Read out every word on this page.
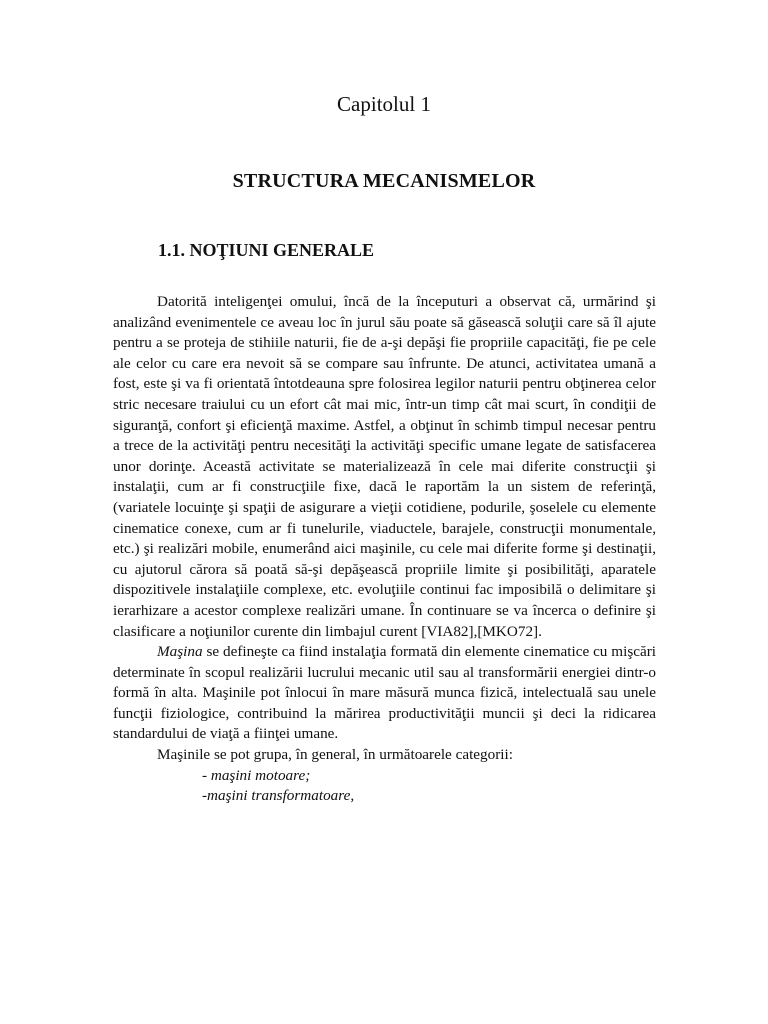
Capitolul 1
STRUCTURA MECANISMELOR
1.1. NOŢIUNI GENERALE

Datorită inteligenţei omului, încă de la începuturi a observat că, urmărind şi analizând evenimentele ce aveau loc în jurul său poate să găsească soluţii care să îl ajute pentru a se proteja de stihiile naturii, fie de a-şi depăşi fie propriile capacităţi, fie pe cele ale celor cu care era nevoit să se compare sau înfrunte. De atunci, activitatea umană a fost, este şi va fi orientată întotdeauna spre folosirea legilor naturii pentru obţinerea celor stric necesare traiului cu un efort cât mai mic, într-un timp cât mai scurt, în condiţii de siguranţă, confort şi eficienţă maxime. Astfel, a obţinut în schimb timpul necesar pentru a trece de la activităţi pentru necesităţi la activităţi specific umane legate de satisfacerea unor dorinţe. Această activitate se materializează în cele mai diferite construcţii şi instalaţii, cum ar fi construcţiile fixe, dacă le raportăm la un sistem de referinţă, (variatele locuinţe şi spaţii de asigurare a vieţii cotidiene, podurile, şoselele cu elemente cinematice conexe, cum ar fi tunelurile, viaductele, barajele, construcţii monumentale, etc.) şi realizări mobile, enumerând aici maşinile, cu cele mai diferite forme şi destinaţii, cu ajutorul cărora să poată să-şi depăşească propriile limite şi posibilităţi, aparatele dispozitivele instalaţiile complexe, etc. evoluţiile continui fac imposibilă o delimitare şi ierarhizare a acestor complexe realizări umane. În continuare se va încerca o definire şi clasificare a noţiunilor curente din limbajul curent [VIA82],[MKO72].

Maşina se defineşte ca fiind instalaţia formată din elemente cinematice cu mişcări determinate în scopul realizării lucrului mecanic util sau al transformării energiei dintr-o formă în alta. Maşinile pot înlocui în mare măsură munca fizică, intelectuală sau unele funcţii fiziologice, contribuind la mărirea productivităţii muncii şi deci la ridicarea standardului de viaţă a fiinţei umane.

Maşinile se pot grupa, în general, în următoarele categorii:

- maşini motoare;
-maşini transformatoare,
